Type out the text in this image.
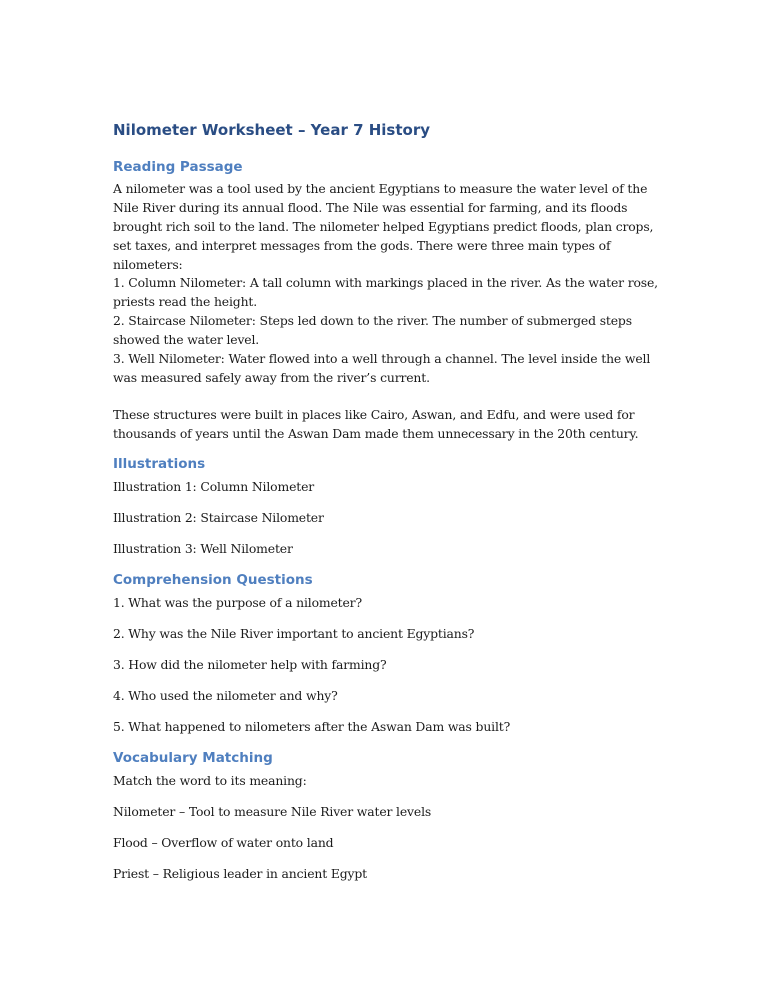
Nilometer Worksheet – Year 7 History
Reading Passage

A nilometer was a tool used by the ancient Egyptians to measure the water level of the Nile River during its annual flood. The Nile was essential for farming, and its floods brought rich soil to the land. The nilometer helped Egyptians predict floods, plan crops, set taxes, and interpret messages from the gods. There were three main types of nilometers:

1. Column Nilometer: A tall column with markings placed in the river. As the water rose, priests read the height.

2. Staircase Nilometer: Steps led down to the river. The number of submerged steps showed the water level.

3. Well Nilometer: Water flowed into a well through a channel. The level inside the well was measured safely away from the river’s current.

These structures were built in places like Cairo, Aswan, and Edfu, and were used for thousands of years until the Aswan Dam made them unnecessary in the 20th century.

Illustrations

Illustration 1: Column Nilometer

Illustration 2: Staircase Nilometer

Illustration 3: Well Nilometer

Comprehension Questions

1. What was the purpose of a nilometer?

2. Why was the Nile River important to ancient Egyptians?

3. How did the nilometer help with farming?

4. Who used the nilometer and why?

5. What happened to nilometers after the Aswan Dam was built?

Vocabulary Matching

Match the word to its meaning:

Nilometer – Tool to measure Nile River water levels

Flood – Overflow of water onto land

Priest – Religious leader in ancient Egypt
